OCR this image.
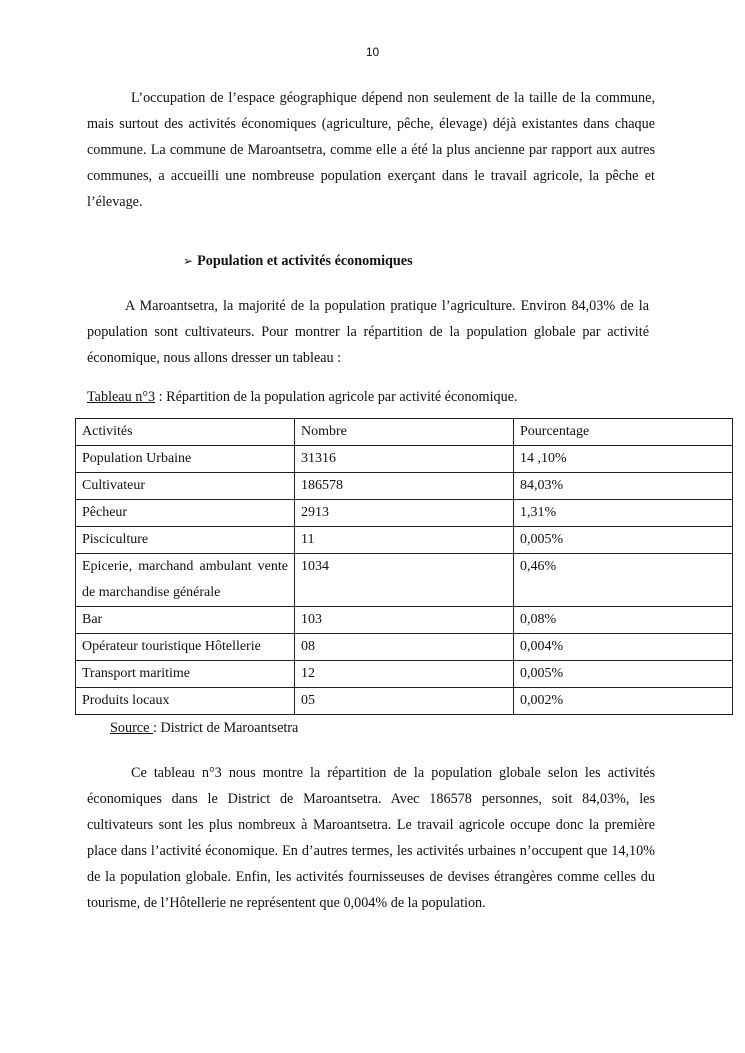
10

L’occupation de l’espace géographique dépend non seulement de la taille de la commune, mais surtout des activités économiques (agriculture, pêche, élevage) déjà existantes dans chaque commune. La commune de Maroantsetra, comme elle a été la plus ancienne par rapport aux autres communes, a accueilli une nombreuse population exerçant dans le travail agricole, la pêche et l’élevage.

➢ Population et activités économiques

A Maroantsetra, la majorité de la population pratique l’agriculture. Environ 84,03% de la population sont cultivateurs. Pour montrer la répartition de la population globale par activité économique, nous allons dresser un tableau :

Tableau n°3 : Répartition de la population agricole par activité économique.
Activités	Nombre	Pourcentage
Population Urbaine	31316	14 ,10%
Cultivateur	186578	84,03%
Pêcheur	2913	1,31%
Pisciculture	11	0,005%
Epicerie, marchand ambulant vente de marchandise générale	1034	0,46%
Bar	103	0,08%
Opérateur touristique Hôtellerie	08	0,004%
Transport maritime	12	0,005%
Produits locaux	05	0,002%
Source : District de Maroantsetra

Ce tableau n°3 nous montre la répartition de la population globale selon les activités économiques dans le District de Maroantsetra. Avec 186578 personnes, soit 84,03%, les cultivateurs sont les plus nombreux à Maroantsetra. Le travail agricole occupe donc la première place dans l’activité économique. En d’autres termes, les activités urbaines n’occupent que 14,10% de la population globale. Enfin, les activités fournisseuses de devises étrangères comme celles du tourisme, de l’Hôtellerie ne représentent que 0,004% de la population.
